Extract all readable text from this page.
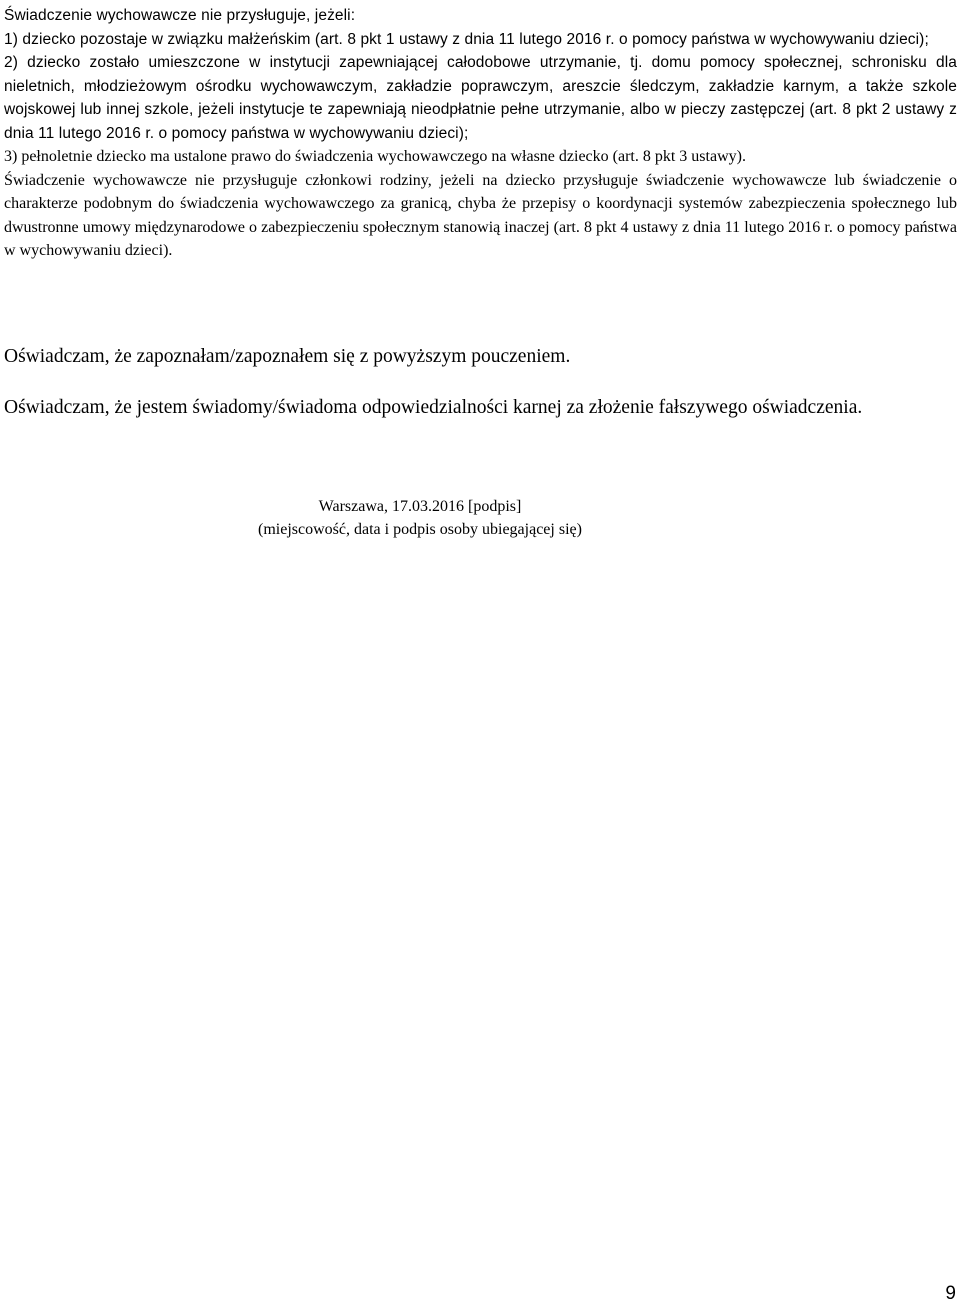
Świadczenie wychowawcze nie przysługuje, jeżeli:

1) dziecko pozostaje w związku małżeńskim (art. 8 pkt 1 ustawy z dnia 11 lutego 2016 r. o pomocy państwa w wychowywaniu dzieci);

2) dziecko zostało umieszczone w instytucji zapewniającej całodobowe utrzymanie, tj. domu pomocy społecznej, schronisku dla nieletnich, młodzieżowym ośrodku wychowawczym, zakładzie poprawczym, areszcie śledczym, zakładzie karnym, a także szkole wojskowej lub innej szkole, jeżeli instytucje te zapewniają nieodpłatnie pełne utrzymanie, albo w pieczy zastępczej (art. 8 pkt 2 ustawy z dnia 11 lutego 2016 r. o pomocy państwa w wychowywaniu dzieci);

3) pełnoletnie dziecko ma ustalone prawo do świadczenia wychowawczego na własne dziecko (art. 8 pkt 3 ustawy).

Świadczenie wychowawcze nie przysługuje członkowi rodziny, jeżeli na dziecko przysługuje świadczenie wychowawcze lub świadczenie o charakterze podobnym do świadczenia wychowawczego za granicą, chyba że przepisy o koordynacji systemów zabezpieczenia społecznego lub dwustronne umowy międzynarodowe o zabezpieczeniu społecznym stanowią inaczej (art. 8 pkt 4 ustawy z dnia 11 lutego 2016 r. o pomocy państwa w wychowywaniu dzieci).

Oświadczam, że zapoznałam/zapoznałem się z powyższym pouczeniem.

Oświadczam, że jestem świadomy/świadoma odpowiedzialności karnej za złożenie fałszywego oświadczenia.

Warszawa, 17.03.2016 [podpis]
(miejscowość, data i podpis osoby ubiegającej się)
9
